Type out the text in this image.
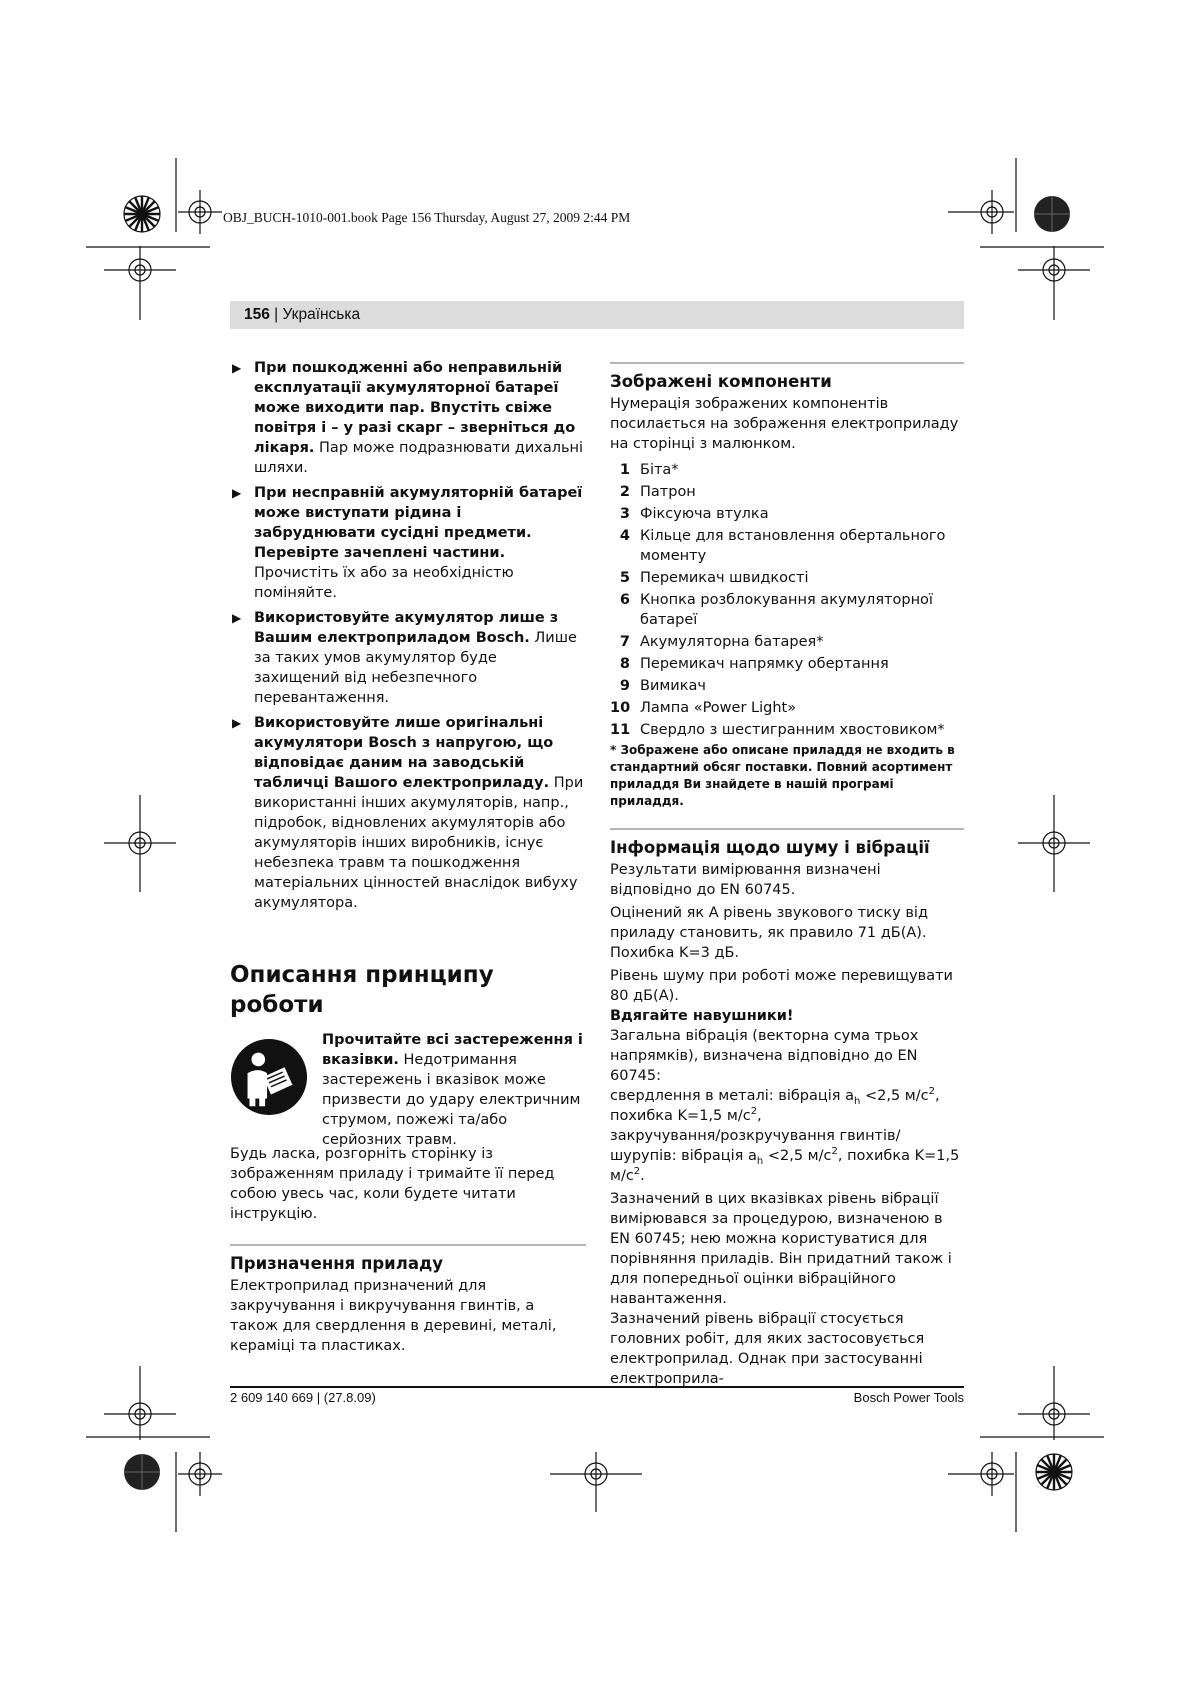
OBJ_BUCH-1010-001.book Page 156 Thursday, August 27, 2009 2:44 PM
156 | Українська
▶ При пошкодженні або неправильній експлуатації акумуляторної батареї може виходити пар. Впустіть свіже повітря і – у разі скарг – зверніться до лікаря. Пар може подразнювати дихальні шляхи.

▶ При несправній акумуляторній батареї може виступати рідина і забруднювати сусідні предмети. Перевірте зачеплені частини. Прочистіть їх або за необхідністю поміняйте.

▶ Використовуйте акумулятор лише з Вашим електроприладом Bosch. Лише за таких умов акумулятор буде захищений від небезпечного перевантаження.

▶ Використовуйте лише оригінальні акумулятори Bosch з напругою, що відповідає даним на заводській табличці Вашого електроприладу. При використанні інших акумуляторів, напр., підробок, відновлених акумуляторів або акумуляторів інших виробників, існує небезпека травм та пошкодження матеріальних цінностей внаслідок вибуху акумулятора.

Описання принципу роботи
Прочитайте всі застереження і вказівки. Недотримання застережень і вказівок може призвести до удару електричним струмом, пожежі та/або серйозних травм.

Будь ласка, розгорніть сторінку із зображенням приладу і тримайте її перед собою увесь час, коли будете читати інструкцію.

Призначення приладу

Електроприлад призначений для закручування і викручування гвинтів, а також для свердлення в деревині, металі, кераміці та пластиках.

Зображені компоненти

Нумерація зображених компонентів посилається на зображення електроприладу на сторінці з малюнком.

1 Біта*
2 Патрон
3 Фіксуюча втулка
4 Кільце для встановлення обертального моменту
5 Перемикач швидкості
6 Кнопка розблокування акумуляторної батареї
7 Акумуляторна батарея*
8 Перемикач напрямку обертання
9 Вимикач
10 Лампа «Power Light»
11 Свердло з шестигранним хвостовиком*

* Зображене або описане приладдя не входить в стандартний обсяг поставки. Повний асортимент приладдя Ви знайдете в нашій програмі приладдя.

Інформація щодо шуму і вібрації

Результати вимірювання визначені відповідно до EN 60745.

Оцінений як А рівень звукового тиску від приладу становить, як правило 71 дБ(А). Похибка K=3 дБ.

Рівень шуму при роботі може перевищувати 80 дБ(А).

Вдягайте навушники!

Загальна вібрація (векторна сума трьох напрямків), визначена відповідно до EN 60745:

свердлення в металі: вібрація $a_h <2,5$ $м/с^2$, похибка K=1,5 $м/с^2$,

закручування/розкручування гвинтів/шурупів: вібрація $a_h <2,5$ $м/с^2$, похибка K=1,5 $м/с^2$.

Зазначений в цих вказівках рівень вібрації вимірювався за процедурою, визначеною в EN 60745; нею можна користуватися для порівняння приладів. Він придатний також і для попередньої оцінки вібраційного навантаження.

Зазначений рівень вібрації стосується головних робіт, для яких застосовується електроприлад. Однак при застосуванні електроприла-

2 609 140 669 | (27.8.09)	Bosch Power Tools
